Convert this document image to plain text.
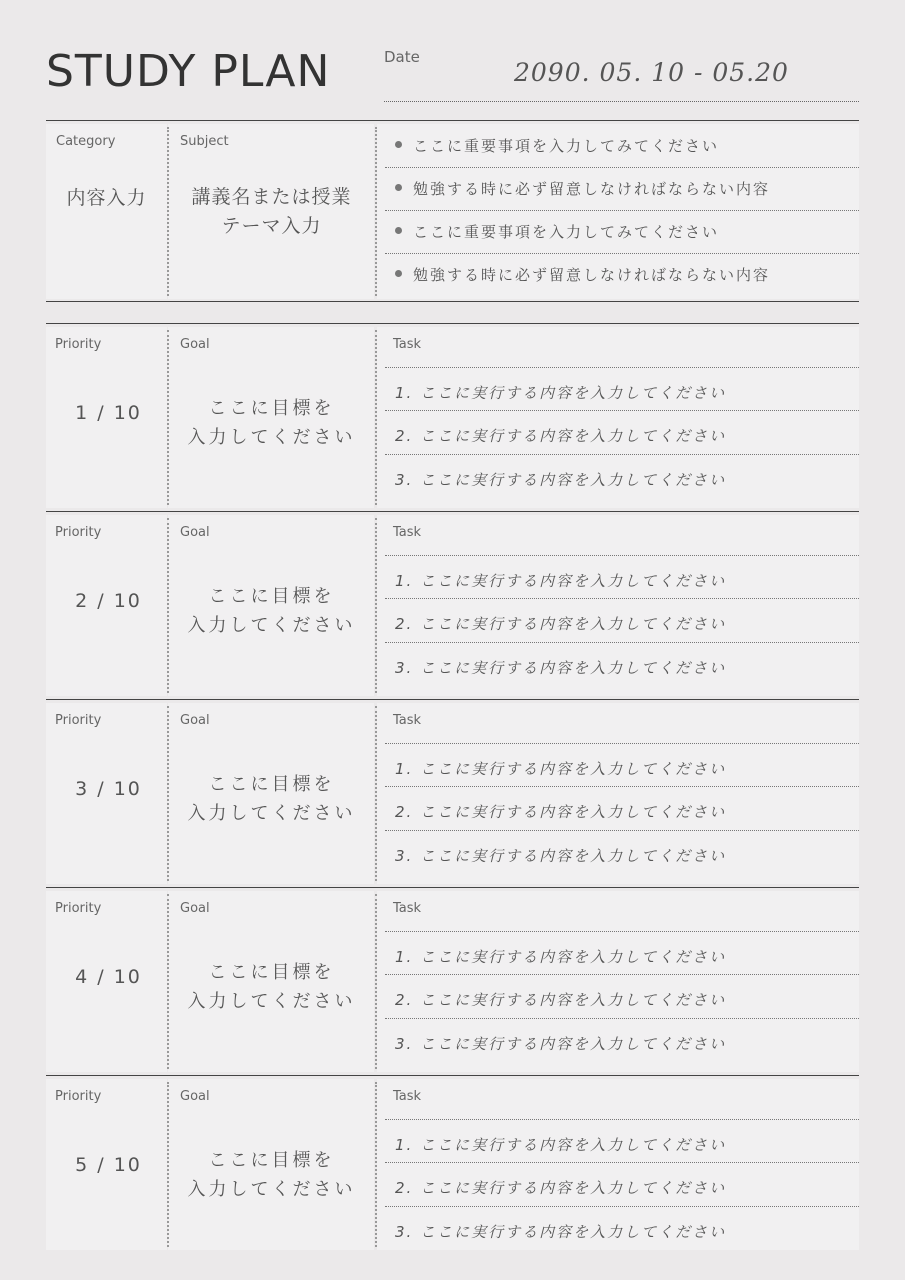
STUDY PLAN	Date
2090. 05. 10 - 05.20
Category
内容入力
Subject
講義名または授業
テーマ入力
ここに重要事項を入力してみてください
勉強する時に必ず留意しなければならない内容
ここに重要事項を入力してみてください
勉強する時に必ず留意しなければならない内容
Priority
1 / 10
Goal
ここに目標を
入力してください
Task
1. ここに実行する内容を入力してください
2. ここに実行する内容を入力してください
3. ここに実行する内容を入力してください
Priority
2 / 10
Goal
ここに目標を
入力してください
Task
1. ここに実行する内容を入力してください
2. ここに実行する内容を入力してください
3. ここに実行する内容を入力してください
Priority
3 / 10
Goal
ここに目標を
入力してください
Task
1. ここに実行する内容を入力してください
2. ここに実行する内容を入力してください
3. ここに実行する内容を入力してください
Priority
4 / 10
Goal
ここに目標を
入力してください
Task
1. ここに実行する内容を入力してください
2. ここに実行する内容を入力してください
3. ここに実行する内容を入力してください
Priority
5 / 10
Goal
ここに目標を
入力してください
Task
1. ここに実行する内容を入力してください
2. ここに実行する内容を入力してください
3. ここに実行する内容を入力してください
